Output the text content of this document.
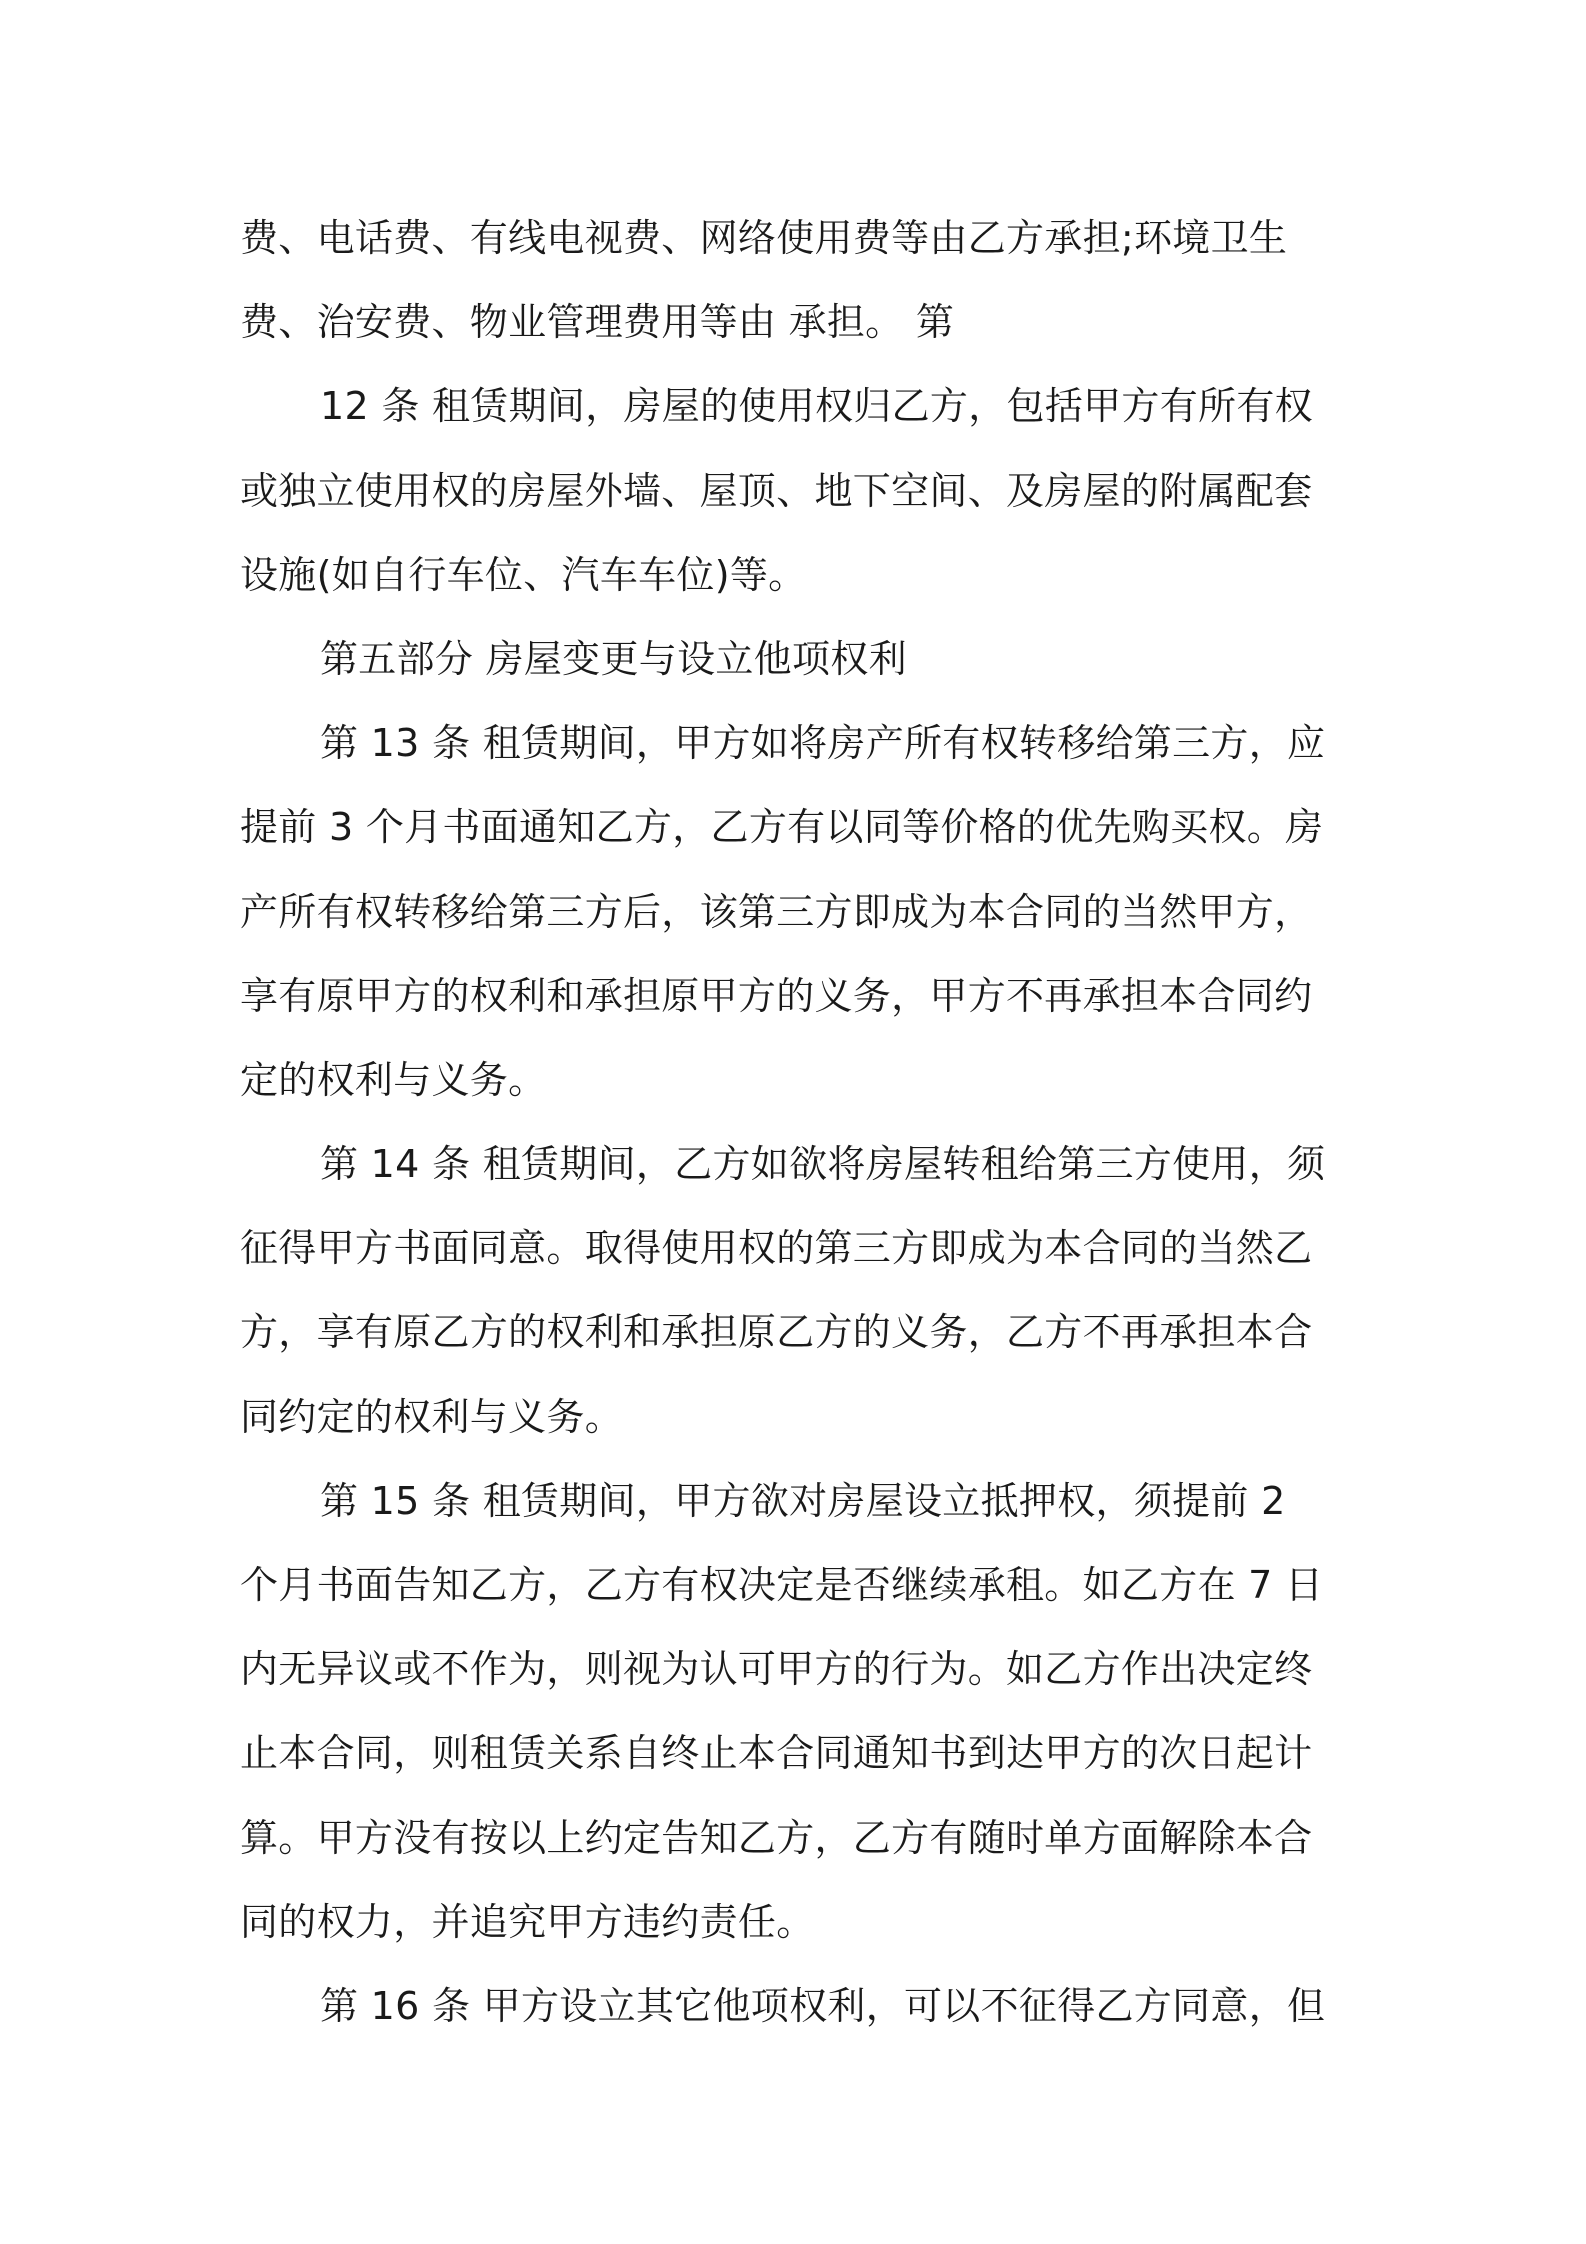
费、电话费、有线电视费、网络使用费等由乙方承担;环境卫生
费、治安费、物业管理费用等由 承担。 第
12 条 租赁期间，房屋的使用权归乙方，包括甲方有所有权
或独立使用权的房屋外墙、屋顶、地下空间、及房屋的附属配套
设施(如自行车位、汽车车位)等。
第五部分 房屋变更与设立他项权利
第 13 条 租赁期间，甲方如将房产所有权转移给第三方，应
提前 3 个月书面通知乙方，乙方有以同等价格的优先购买权。房
产所有权转移给第三方后，该第三方即成为本合同的当然甲方，
享有原甲方的权利和承担原甲方的义务，甲方不再承担本合同约
定的权利与义务。
第 14 条 租赁期间，乙方如欲将房屋转租给第三方使用，须
征得甲方书面同意。取得使用权的第三方即成为本合同的当然乙
方，享有原乙方的权利和承担原乙方的义务，乙方不再承担本合
同约定的权利与义务。
第 15 条 租赁期间，甲方欲对房屋设立抵押权，须提前 2
个月书面告知乙方，乙方有权决定是否继续承租。如乙方在 7 日
内无异议或不作为，则视为认可甲方的行为。如乙方作出决定终
止本合同，则租赁关系自终止本合同通知书到达甲方的次日起计
算。甲方没有按以上约定告知乙方，乙方有随时单方面解除本合
同的权力，并追究甲方违约责任。
第 16 条 甲方设立其它他项权利，可以不征得乙方同意，但
